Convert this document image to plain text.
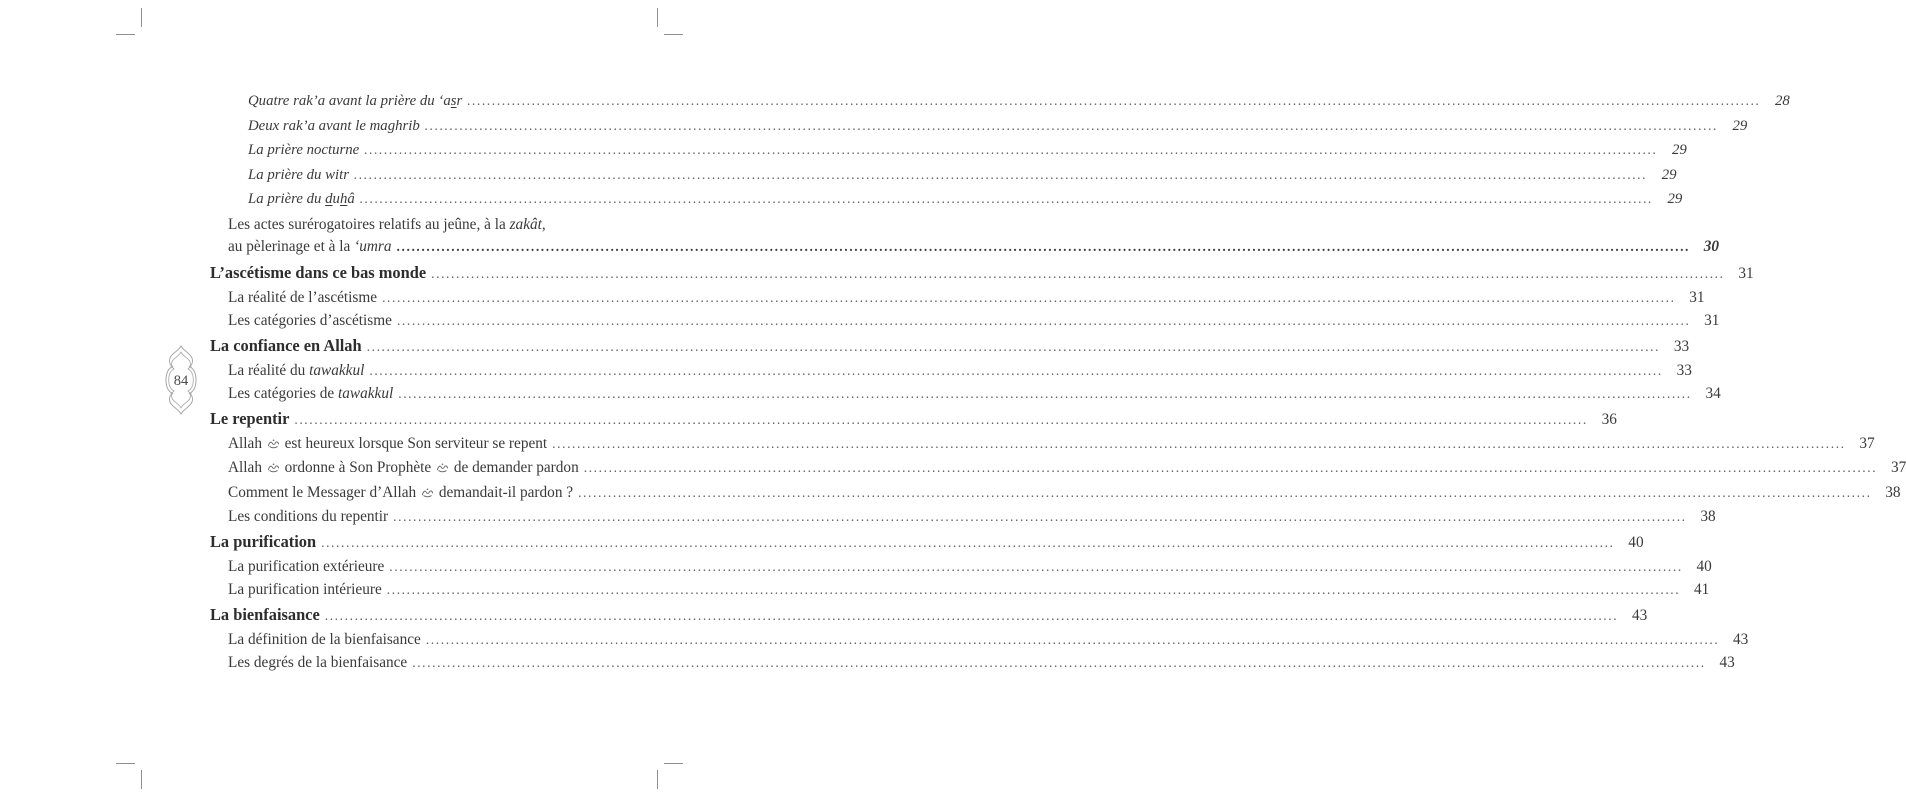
84
Quatre rak’a avant la prière du ‘asr .................................................................................................................................................................................................................................................................... 28
Deux rak’a avant le maghrib .................................................................................................................................................................................................................................................................... 29
La prière nocturne .................................................................................................................................................................................................................................................................... 29
La prière du witr .................................................................................................................................................................................................................................................................... 29
La prière du duhâ .................................................................................................................................................................................................................................................................... 29
Les actes surérogatoires relatifs au jeûne, à la zakât,
au pèlerinage et à la ‘umra .................................................................................................................................................................................................................................................................... 30
L’ascétisme dans ce bas monde .................................................................................................................................................................................................................................................................... 31
La réalité de l’ascétisme .................................................................................................................................................................................................................................................................... 31
Les catégories d’ascétisme .................................................................................................................................................................................................................................................................... 31
La confiance en Allah .................................................................................................................................................................................................................................................................... 33
La réalité du tawakkul .................................................................................................................................................................................................................................................................... 33
Les catégories de tawakkul .................................................................................................................................................................................................................................................................... 34
Le repentir .................................................................................................................................................................................................................................................................... 36
Allah  est heureux lorsque Son serviteur se repent .................................................................................................................................................................................................................................................................... 37
Allah  ordonne à Son Prophète  de demander pardon .................................................................................................................................................................................................................................................................... 37
Comment le Messager d’Allah  demandait-il pardon ? .................................................................................................................................................................................................................................................................... 38
Les conditions du repentir .................................................................................................................................................................................................................................................................... 38
La purification .................................................................................................................................................................................................................................................................... 40
La purification extérieure .................................................................................................................................................................................................................................................................... 40
La purification intérieure .................................................................................................................................................................................................................................................................... 41
La bienfaisance .................................................................................................................................................................................................................................................................... 43
La définition de la bienfaisance .................................................................................................................................................................................................................................................................... 43
Les degrés de la bienfaisance .................................................................................................................................................................................................................................................................... 43
